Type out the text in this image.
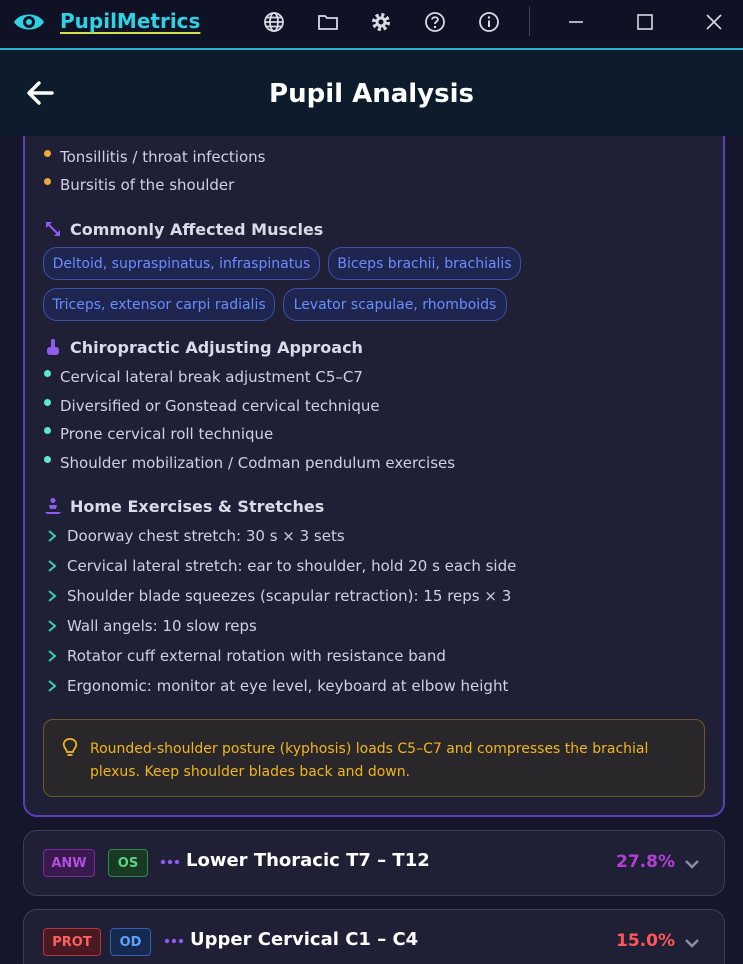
PupilMetrics
Tonsillitis / throat infections
Bursitis of the shoulder
Commonly Affected Muscles
Deltoid, supraspinatus, infraspinatus	Biceps brachii, brachialis
Triceps, extensor carpi radialis	Levator scapulae, rhomboids
Chiropractic Adjusting Approach
Cervical lateral break adjustment C5–C7
Diversified or Gonstead cervical technique
Prone cervical roll technique
Shoulder mobilization / Codman pendulum exercises
Home Exercises & Stretches
Doorway chest stretch: 30 s × 3 sets
Cervical lateral stretch: ear to shoulder, hold 20 s each side
Shoulder blade squeezes (scapular retraction): 15 reps × 3
Wall angels: 10 slow reps
Rotator cuff external rotation with resistance band
Ergonomic: monitor at eye level, keyboard at elbow height
Rounded-shoulder posture (kyphosis) loads C5–C7 and compresses the brachial plexus. Keep shoulder blades back and down.
ANW	OS	Lower Thoracic T7 – T12	27.8%
PROT	OD	Upper Cervical C1 – C4	15.0%
Pupil Analysis
